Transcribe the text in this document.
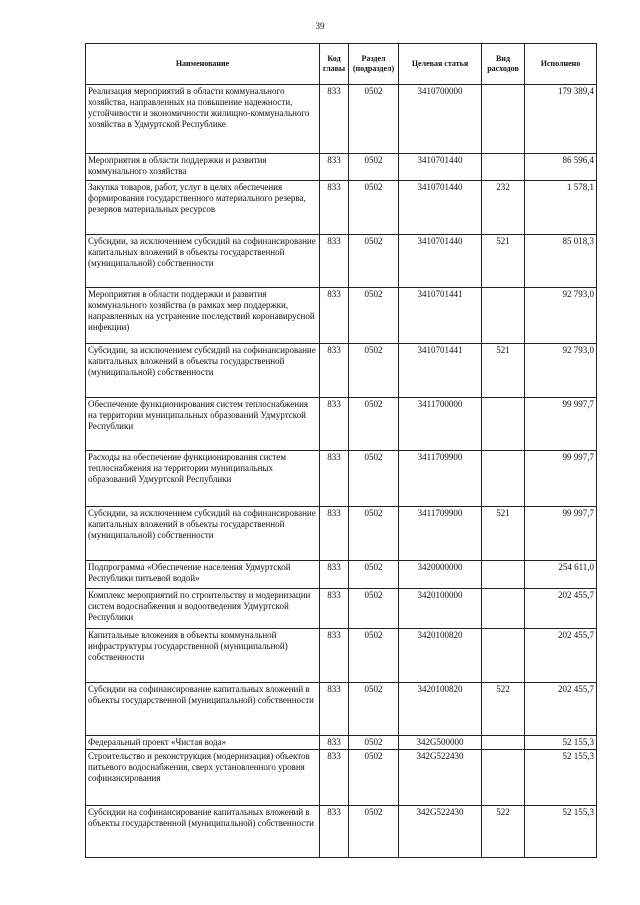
39
Наименование	Код главы	Раздел (подраздел)	Целевая статья	Вид расходов	Исполнено
Реализация мероприятий в области коммунального хозяйства, направленных на повышение надежности, устойчивости и экономичности жилищно-коммунального хозяйства в Удмуртской Республике	833	0502	3410700000		179 389,4
Мероприятия в области поддержки и развития коммунального хозяйства	833	0502	3410701440		86 596,4
Закупка товаров, работ, услуг в целях обеспечения формирования государственного материального резерва, резервов материальных ресурсов	833	0502	3410701440	232	1 578,1
Субсидии, за исключением субсидий на софинансирование капитальных вложений в объекты государственной (муниципальной) собственности	833	0502	3410701440	521	85 018,3
Мероприятия в области поддержки и развития коммунального хозяйства (в рамках мер поддержки, направленных на устранение последствий коронавирусной инфекции)	833	0502	3410701441		92 793,0
Субсидии, за исключением субсидий на софинансирование капитальных вложений в объекты государственной (муниципальной) собственности	833	0502	3410701441	521	92 793,0
Обеспечение функционирования систем теплоснабжения на территории муниципальных образований Удмуртской Республики	833	0502	3411700000		99 997,7
Расходы на обеспечение функционирования систем теплоснабжения на территории муниципальных образований Удмуртской Республики	833	0502	3411709900		99 997,7
Субсидии, за исключением субсидий на софинансирование капитальных вложений в объекты государственной (муниципальной) собственности	833	0502	3411709900	521	99 997,7
Подпрограмма «Обеспечение населения Удмуртской Республики питьевой водой»	833	0502	3420000000		254 611,0
Комплекс мероприятий по строительству и модернизации систем водоснабжения и водоотведения Удмуртской Республики	833	0502	3420100000		202 455,7
Капитальные вложения в объекты коммунальной инфраструктуры государственной (муниципальной) собственности	833	0502	3420100820		202 455,7
Субсидии на софинансирование капитальных вложений в объекты государственной (муниципальной) собственности	833	0502	3420100820	522	202 455,7
Федеральный проект «Чистая вода»	833	0502	342G500000		52 155,3
Строительство и реконструкция (модернизация) объектов питьевого водоснабжения, сверх установленного уровня софинансирования	833	0502	342G522430		52 155,3
Субсидии на софинансирование капитальных вложений в объекты государственной (муниципальной) собственности	833	0502	342G522430	522	52 155,3
